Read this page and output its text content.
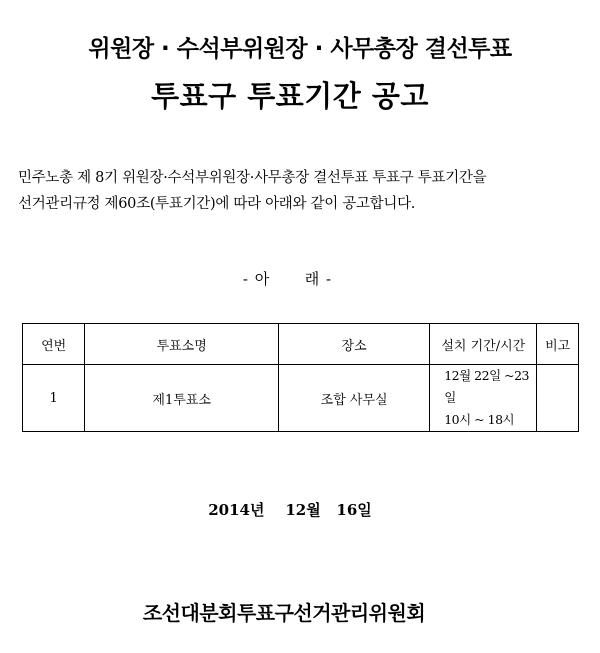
위원장 · 수석부위원장 · 사무총장 결선투표
투표구 투표기간 공고
민주노총 제 8기 위원장·수석부위원장·사무총장 결선투표 투표구 투표기간을
선거관리규정 제60조(투표기간)에 따라 아래와 같이 공고합니다.
- 아      래 -
연번	투표소명	장소	설치 기간/시간	비고
1	제1투표소	조합 사무실	12월 22일 ~23일
10시 ~ 18시	

2014년    12월   16일
조선대분회투표구선거관리위원회
